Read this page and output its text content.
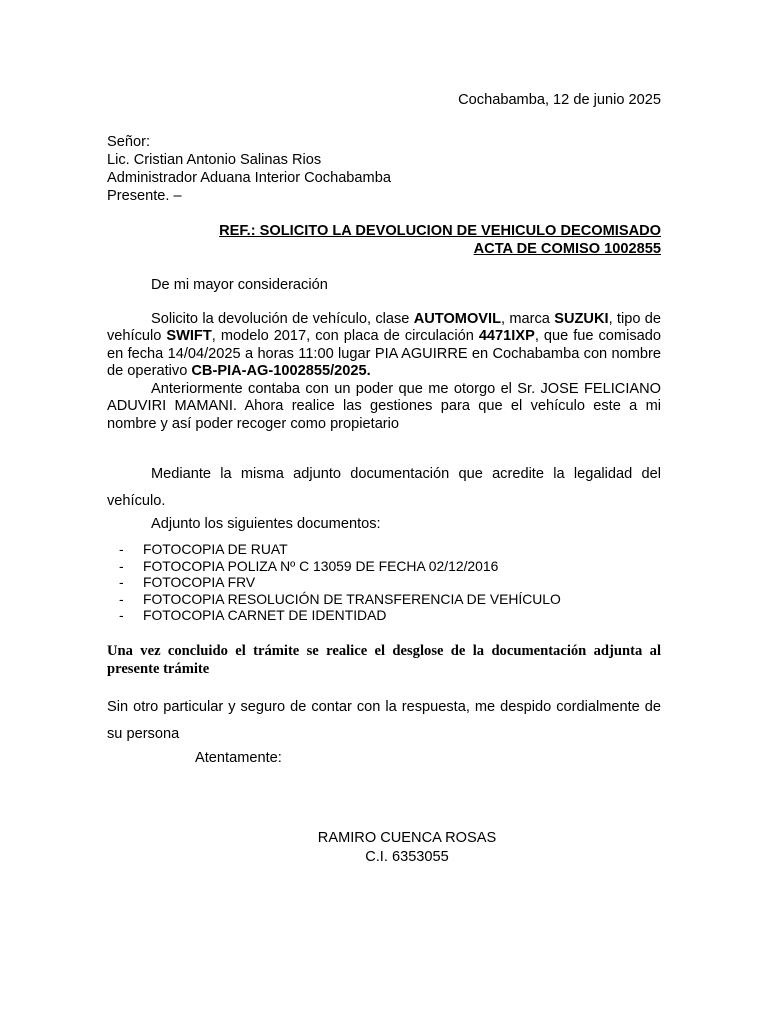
Cochabamba, 12 de junio 2025
Señor:
Lic. Cristian Antonio Salinas Rios
Administrador Aduana Interior Cochabamba
Presente. –
REF.: SOLICITO LA DEVOLUCION DE VEHICULO DECOMISADO
ACTA DE COMISO 1002855
De mi mayor consideración
Solicito la devolución de vehículo, clase AUTOMOVIL, marca SUZUKI, tipo de vehículo SWIFT, modelo 2017, con placa de circulación 4471IXP, que fue comisado en fecha 14/04/2025 a horas 11:00 lugar PIA AGUIRRE en Cochabamba con nombre de operativo CB-PIA-AG-1002855/2025.
Anteriormente contaba con un poder que me otorgo el Sr. JOSE FELICIANO ADUVIRI MAMANI. Ahora realice las gestiones para que el vehículo este a mi nombre y así poder recoger como propietario
Mediante la misma adjunto documentación que acredite la legalidad del vehículo.
Adjunto los siguientes documentos:
- FOTOCOPIA DE RUAT
- FOTOCOPIA POLIZA Nº C 13059 DE FECHA 02/12/2016
- FOTOCOPIA FRV
- FOTOCOPIA RESOLUCIÓN DE TRANSFERENCIA DE VEHÍCULO
- FOTOCOPIA CARNET DE IDENTIDAD
Una vez concluido el trámite se realice el desglose de la documentación adjunta al presente trámite
Sin otro particular y seguro de contar con la respuesta, me despido cordialmente de su persona
Atentamente:
RAMIRO CUENCA ROSAS
C.I. 6353055
